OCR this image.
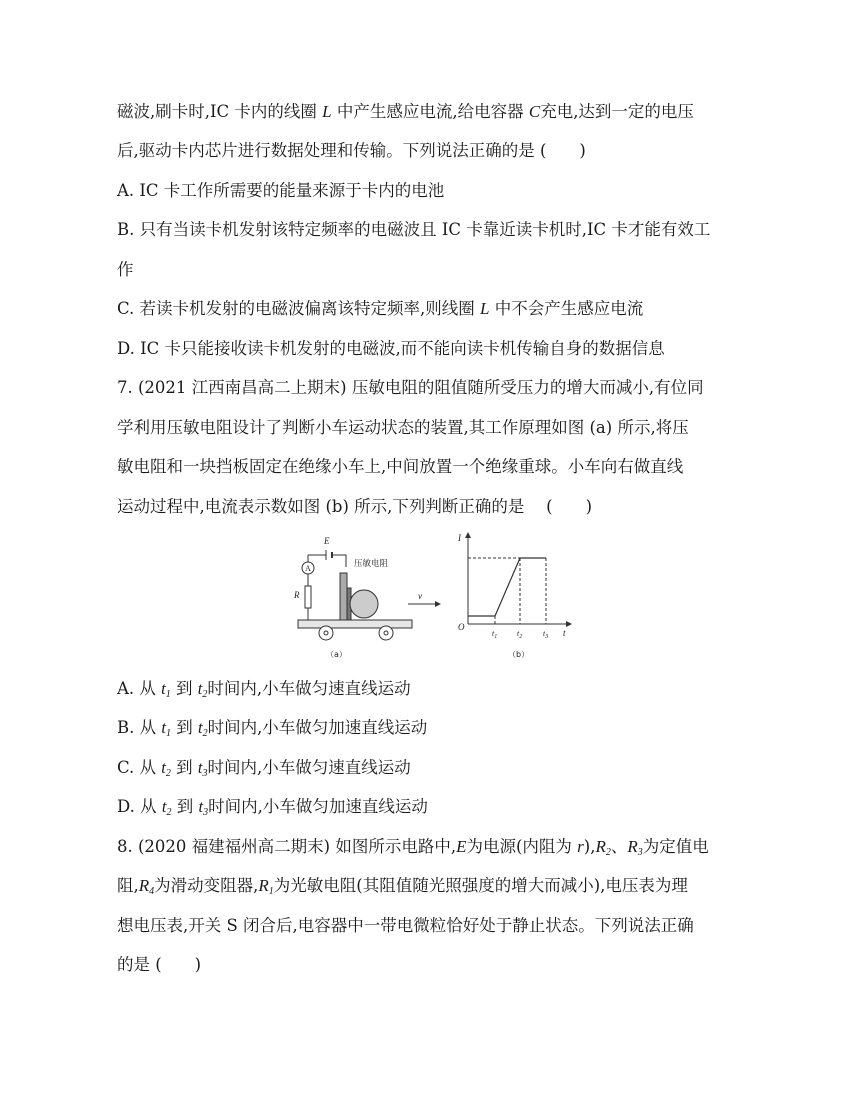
磁波,刷卡时,IC 卡内的线圈 L 中产生感应电流,给电容器 C充电,达到一定的电压
后,驱动卡内芯片进行数据处理和传输。下列说法正确的是 (　　)
A. IC 卡工作所需要的能量来源于卡内的电池
B. 只有当读卡机发射该特定频率的电磁波且 IC 卡靠近读卡机时,IC 卡才能有效工
作
C. 若读卡机发射的电磁波偏离该特定频率,则线圈 L 中不会产生感应电流
D. IC 卡只能接收读卡机发射的电磁波,而不能向读卡机传输自身的数据信息
7. (2021 江西南昌高二上期末) 压敏电阻的阻值随所受压力的增大而减小,有位同
学利用压敏电阻设计了判断小车运动状态的装置,其工作原理如图 (a) 所示,将压
敏电阻和一块挡板固定在绝缘小车上,中间放置一个绝缘重球。小车向右做直线
运动过程中,电流表示数如图 (b) 所示,下列判断正确的是　 (　　)
E
A
R
压敏电阻
v
（a）
I
O
t
$t_1$ $t_2$	$t_3$
（b）
A. 从 $t_1$ 到 $t_2$时间内,小车做匀速直线运动
B. 从 $t_1$ 到 $t_2$时间内,小车做匀加速直线运动
C. 从 $t_2$ 到 $t_3$时间内,小车做匀速直线运动
D. 从 $t_2$ 到 $t_3$时间内,小车做匀加速直线运动
8. (2020 福建福州高二期末) 如图所示电路中,E为电源(内阻为 $r),R_2$、$R_3$为定值电
阻$,R_4$为滑动变阻器$,R_1$为光敏电阻(其阻值随光照强度的增大而减小),电压表为理
想电压表,开关 S 闭合后,电容器中一带电微粒恰好处于静止状态。下列说法正确
的是 (　　)
